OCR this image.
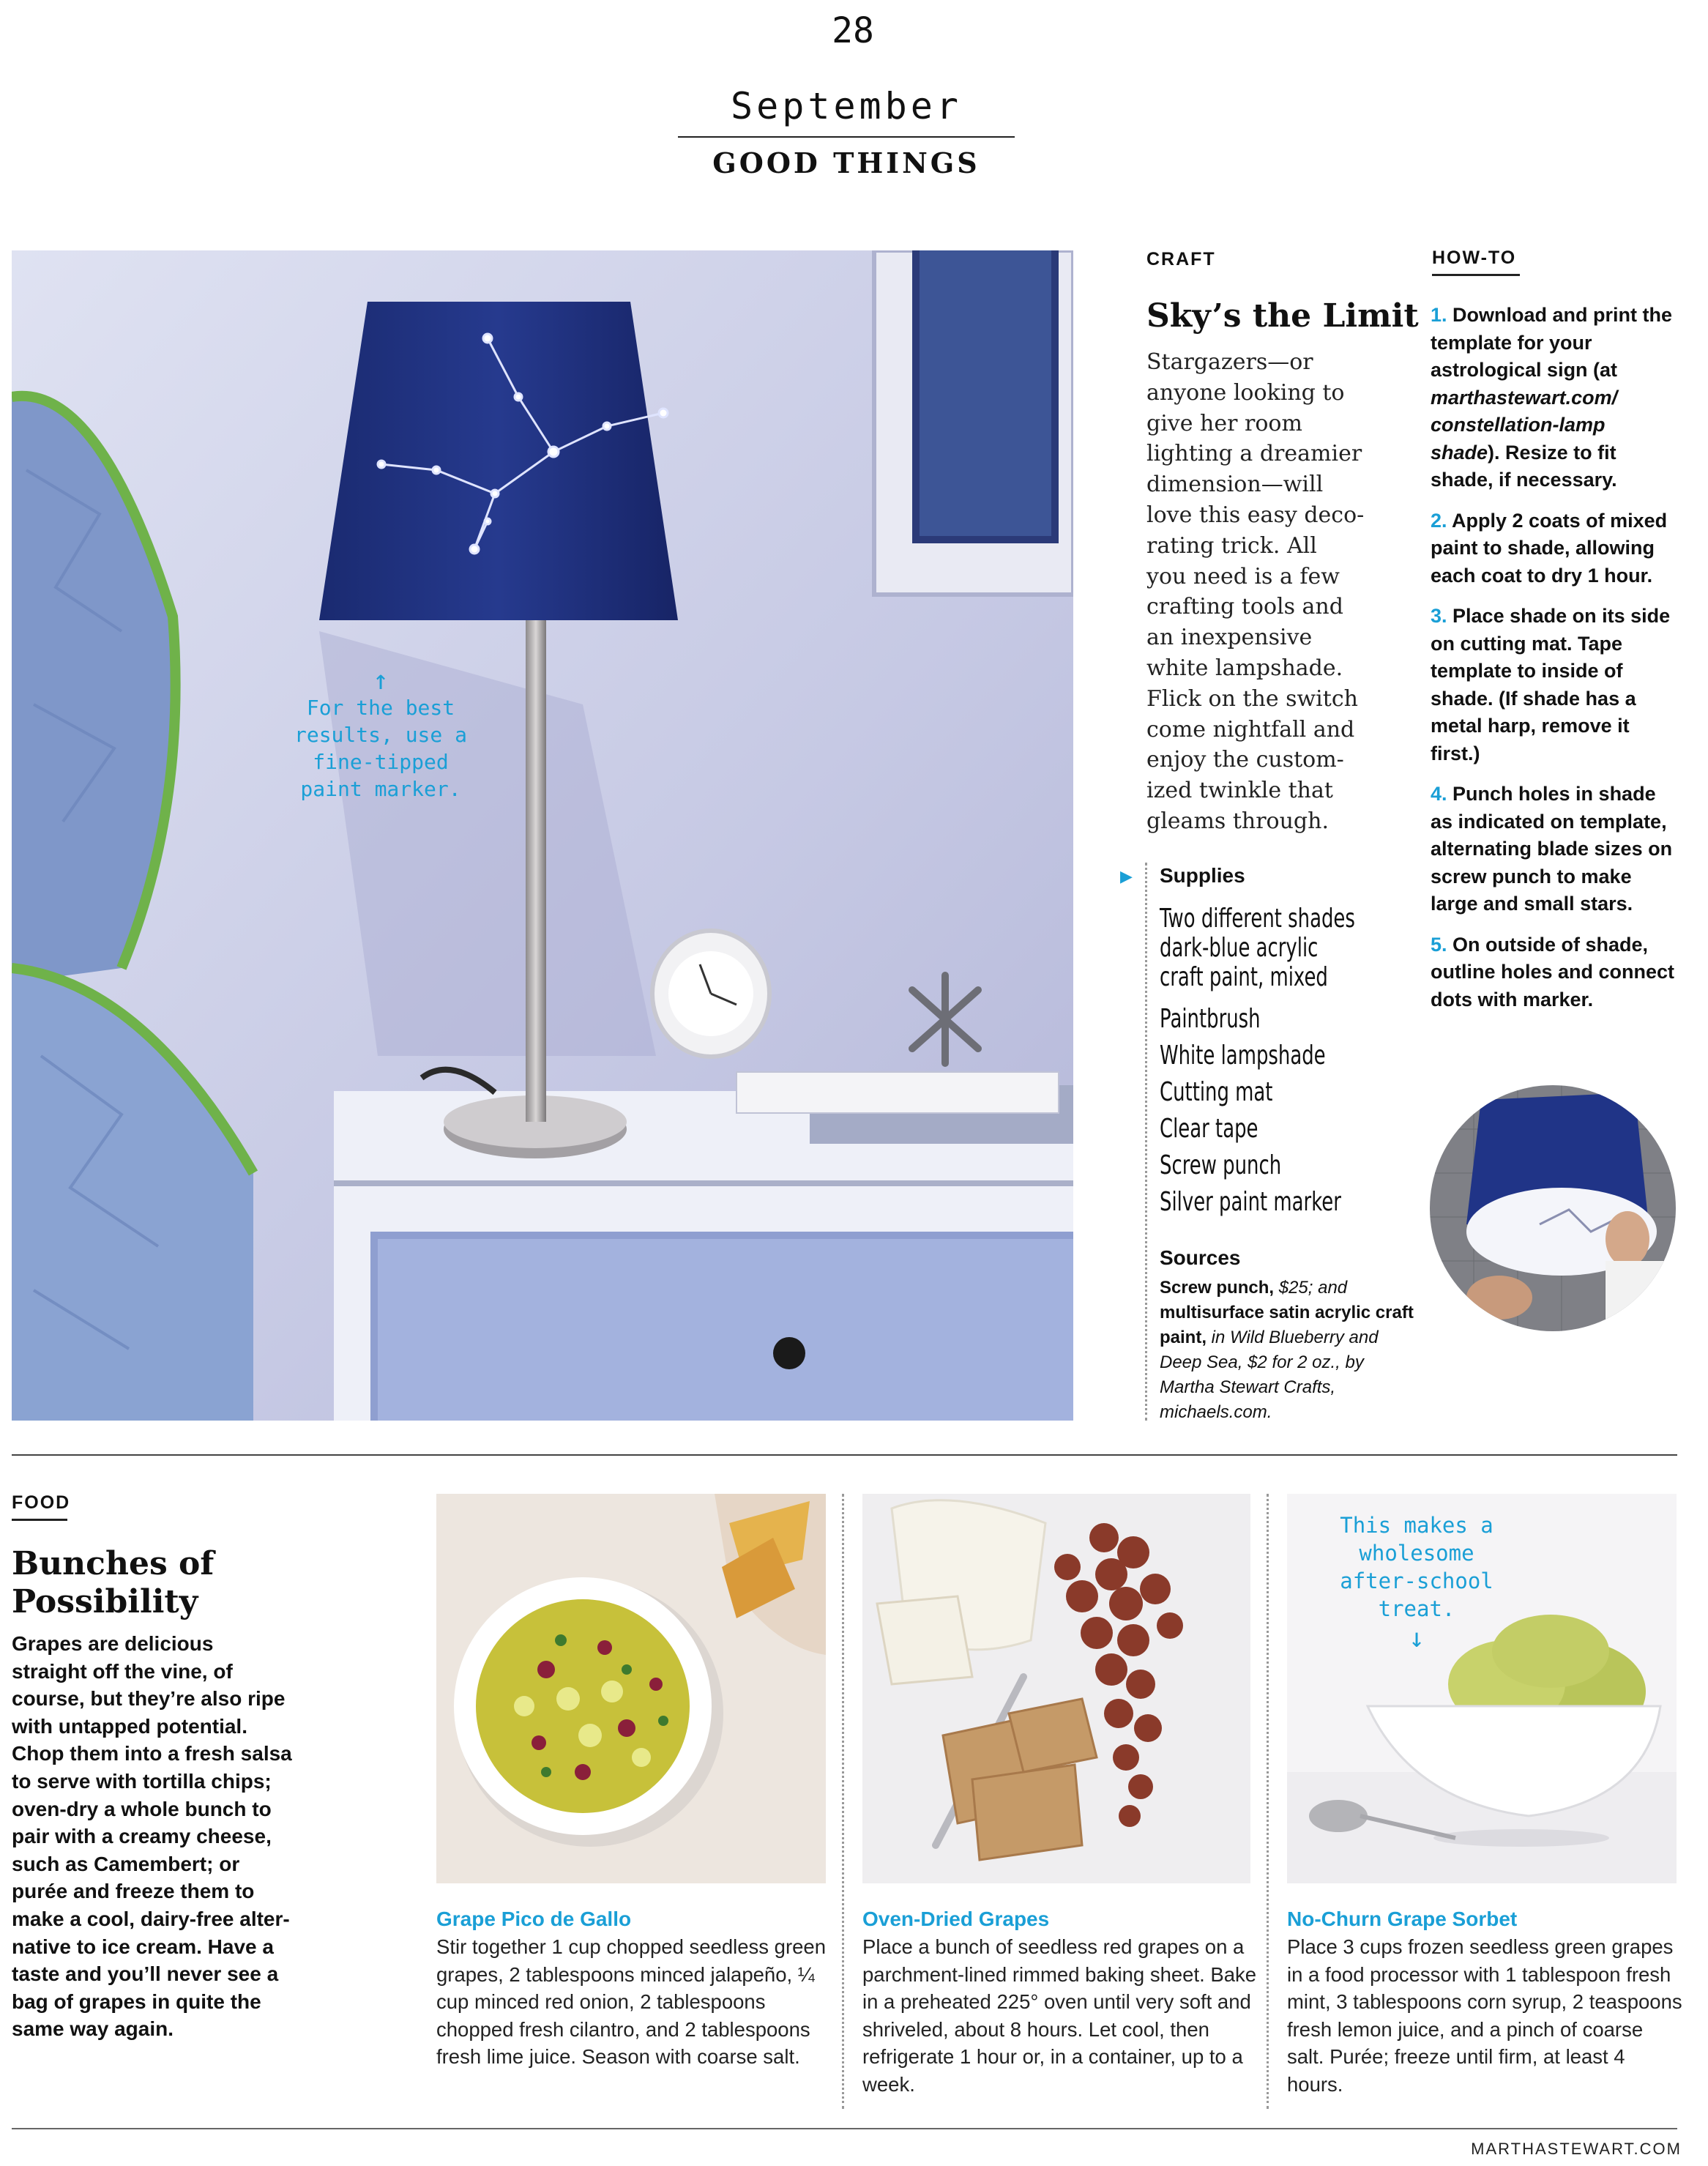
28
September
GOOD THINGS
↑
For the best
results, use a
fine-tipped
paint marker.
CRAFT
Sky’s the Limit
Stargazers—or
anyone looking to
give her room
lighting a dreamier
dimension—will
love this easy deco-
rating trick. All
you need is a few
crafting tools and
an inexpensive
white lampshade.
Flick on the switch
come nightfall and
enjoy the custom-
ized twinkle that
gleams through.
▶ Supplies
Two different shades
dark-blue acrylic
craft paint, mixed
Paintbrush
White lampshade
Cutting mat
Clear tape
Screw punch
Silver paint marker
Sources
Screw punch, $25; and multisurface satin acrylic craft paint, in Wild Blueberry and Deep Sea, $2 for 2 oz., by Martha Stewart Crafts, michaels.com.
HOW-TO
1. Download and print the template for your astrological sign (at marthastewart.com/ constellation-lamp shade). Resize to fit shade, if necessary.
2. Apply 2 coats of mixed paint to shade, allowing each coat to dry 1 hour.
3. Place shade on its side on cutting mat. Tape template to inside of shade. (If shade has a metal harp, remove it first.)
4. Punch holes in shade as indicated on template, alternating blade sizes on screw punch to make large and small stars.
5. On outside of shade, outline holes and connect dots with marker.
FOOD
Bunches of
Possibility
Grapes are delicious straight off the vine, of course, but they’re also ripe with untapped potential. Chop them into a fresh salsa to serve with tortilla chips; oven-dry a whole bunch to pair with a creamy cheese, such as Camembert; or purée and freeze them to make a cool, dairy-free alternative to ice cream. Have a taste and you’ll never see a bag of grapes in quite the same way again.
This makes a
wholesome
after-school
treat.
↓
Grape Pico de Gallo
Stir together 1 cup chopped seedless green grapes, 2 tablespoons minced jalapeño, ¼ cup minced red onion, 2 tablespoons chopped fresh cilantro, and 2 tablespoons fresh lime juice. Season with coarse salt.
Oven-Dried Grapes
Place a bunch of seedless red grapes on a parchment-lined rimmed baking sheet. Bake in a preheated 225° oven until very soft and shriveled, about 8 hours. Let cool, then refrigerate 1 hour or, in a container, up to a week.
No-Churn Grape Sorbet
Place 3 cups frozen seedless green grapes in a food processor with 1 tablespoon fresh mint, 3 tablespoons corn syrup, 2 teaspoons fresh lemon juice, and a pinch of coarse salt. Purée; freeze until firm, at least 4 hours.
MARTHASTEWART.COM
